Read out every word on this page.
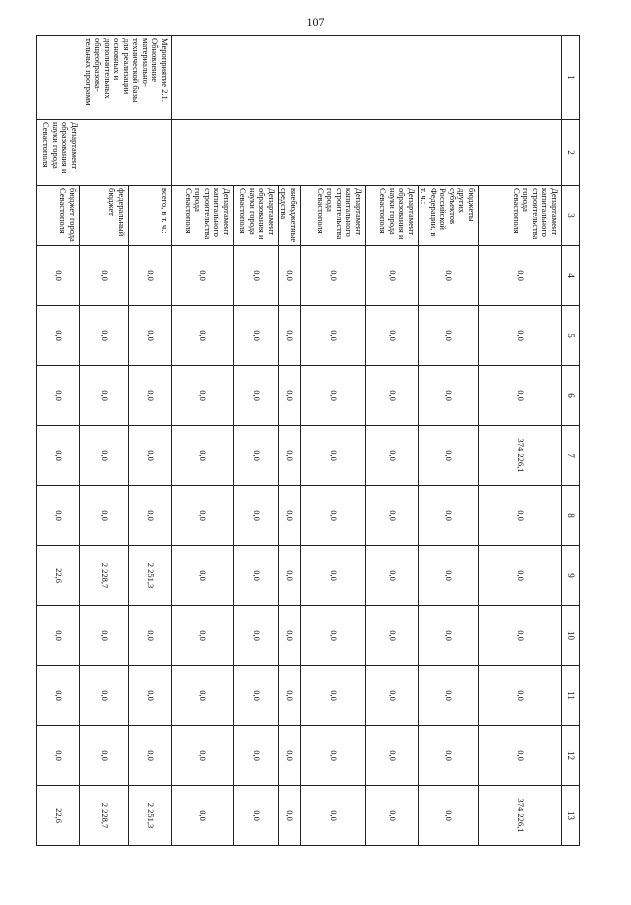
107
1	2	3	4	5	6	7	8	9	10	11	12	13
		Департамент капитального строительства города Севастополя	0,0	0,0	0,0	374 226,1	0,0	0,0	0,0	0,0	0,0	374 226,1
		бюджеты других субъектов Российской Федерации, в т. ч.:	0,0	0,0	0,0	0,0	0,0	0,0	0,0	0,0	0,0	0,0
		Департамент образования и науки города Севастополя	0,0	0,0	0,0	0,0	0,0	0,0	0,0	0,0	0,0	0,0
		Департамент капитального строительства города Севастополя	0,0	0,0	0,0	0,0	0,0	0,0	0,0	0,0	0,0	0,0
		внебюджетные средства	0,0	0,0	0,0	0,0	0,0	0,0	0,0	0,0	0,0	0,0
		Департамент образования и науки города Севастополя	0,0	0,0	0,0	0,0	0,0	0,0	0,0	0,0	0,0	0,0
		Департамент капитального строительства города Севастополя	0,0	0,0	0,0	0,0	0,0	0,0	0,0	0,0	0,0	0,0
Мероприятие 2.1. Обновление материально-технической базы для реализации основных и дополнительных общеобразова-тельных программ	Департамент образования и науки города Севастополя	всего, в т. ч.:	0,0	0,0	0,0	0,0	0,0	2 251,3	0,0	0,0	0,0	2 251,3
		федеральный бюджет	0,0	0,0	0,0	0,0	0,0	2 228,7	0,0	0,0	0,0	2 228,7
		бюджет города Севастополя	0,0	0,0	0,0	0,0	0,0	22,6	0,0	0,0	0,0	22,6
